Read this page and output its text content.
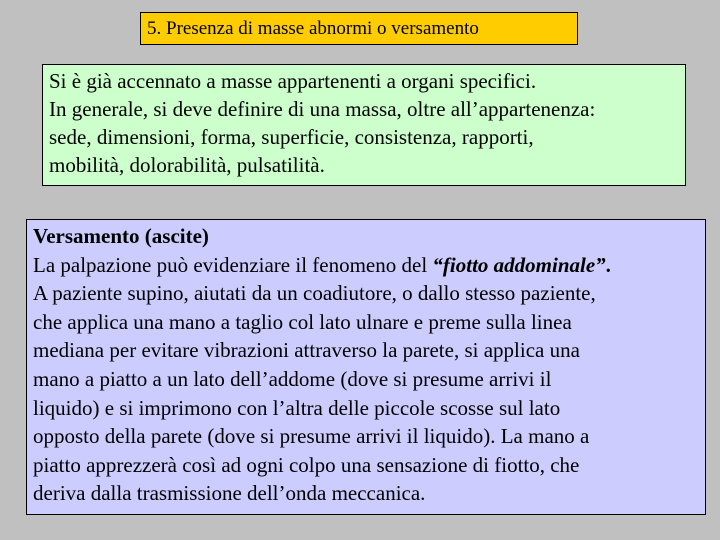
5. Presenza di masse abnormi o versamento
Si è già accennato a masse appartenenti a organi specifici.
In generale, si deve definire di una massa, oltre all’appartenenza:
sede, dimensioni, forma, superficie, consistenza, rapporti,
mobilità, dolorabilità, pulsatilità.
Versamento (ascite)
La palpazione può evidenziare il fenomeno del “fiotto addominale”.
A paziente supino, aiutati da un coadiutore, o dallo stesso paziente,
che applica una mano a taglio col lato ulnare e preme sulla linea
mediana per evitare vibrazioni attraverso la parete, si applica una
mano a piatto a un lato dell’addome (dove si presume arrivi il
liquido) e si imprimono con l’altra delle piccole scosse sul lato
opposto della parete (dove si presume arrivi il liquido). La mano a
piatto apprezzerà così ad ogni colpo una sensazione di fiotto, che
deriva dalla trasmissione dell’onda meccanica.
